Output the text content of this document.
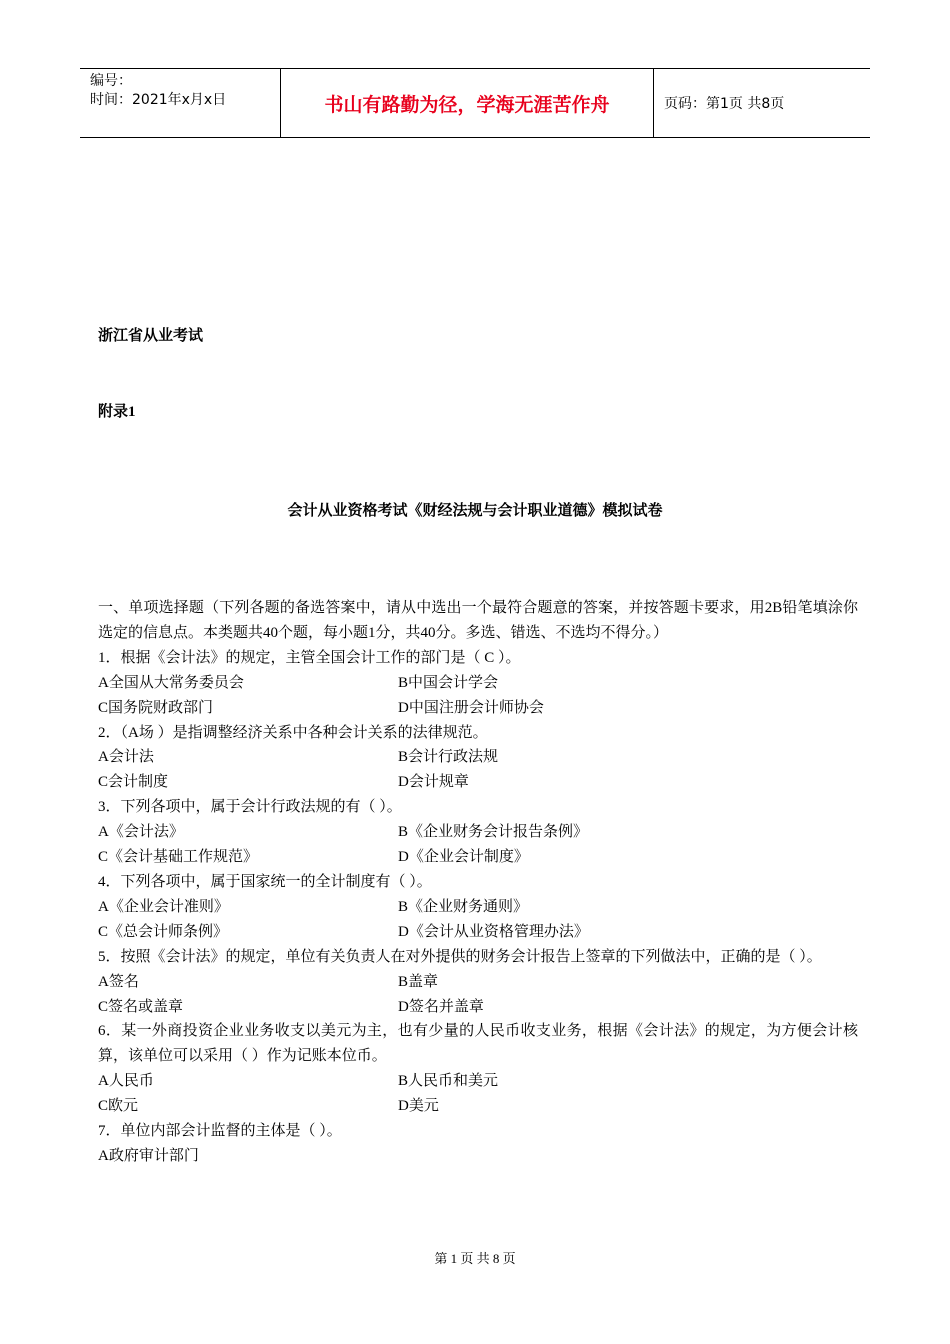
编号：
时间：2021年x月x日	书山有路勤为径，学海无涯苦作舟	页码：第1页 共8页
浙江省从业考试
附录1
会计从业资格考试《财经法规与会计职业道德》模拟试卷

一、单项选择题（下列各题的备选答案中，请从中选出一个最符合题意的答案，并按答题卡要求，用2B铅笔填涂你选定的信息点。本类题共40个题，每小题1分，共40分。多选、错选、不选均不得分。）

1．根据《会计法》的规定，主管全国会计工作的部门是（ C ）。

A全国从大常务委员会	B中国会计学会
C国务院财政部门	D中国注册会计师协会

2．（A场 ）是指调整经济关系中各种会计关系的法律规范。

A会计法	B会计行政法规
C会计制度	D会计规章

3．下列各项中，属于会计行政法规的有（ ）。

A《会计法》	B《企业财务会计报告条例》
C《会计基础工作规范》	D《企业会计制度》

4．下列各项中，属于国家统一的全计制度有（ ）。

A《企业会计准则》	B《企业财务通则》
C《总会计师条例》	D《会计从业资格管理办法》

5．按照《会计法》的规定，单位有关负责人在对外提供的财务会计报告上签章的下列做法中，正确的是（ ）。

A签名	B盖章
C签名或盖章	D签名并盖章

6．某一外商投资企业业务收支以美元为主，也有少量的人民币收支业务，根据《会计法》的规定，为方便会计核算，该单位可以采用（ ）作为记账本位币。

A人民币	B人民币和美元
C欧元	D美元

7．单位内部会计监督的主体是（ ）。

A政府审计部门
第 1 页 共 8 页
